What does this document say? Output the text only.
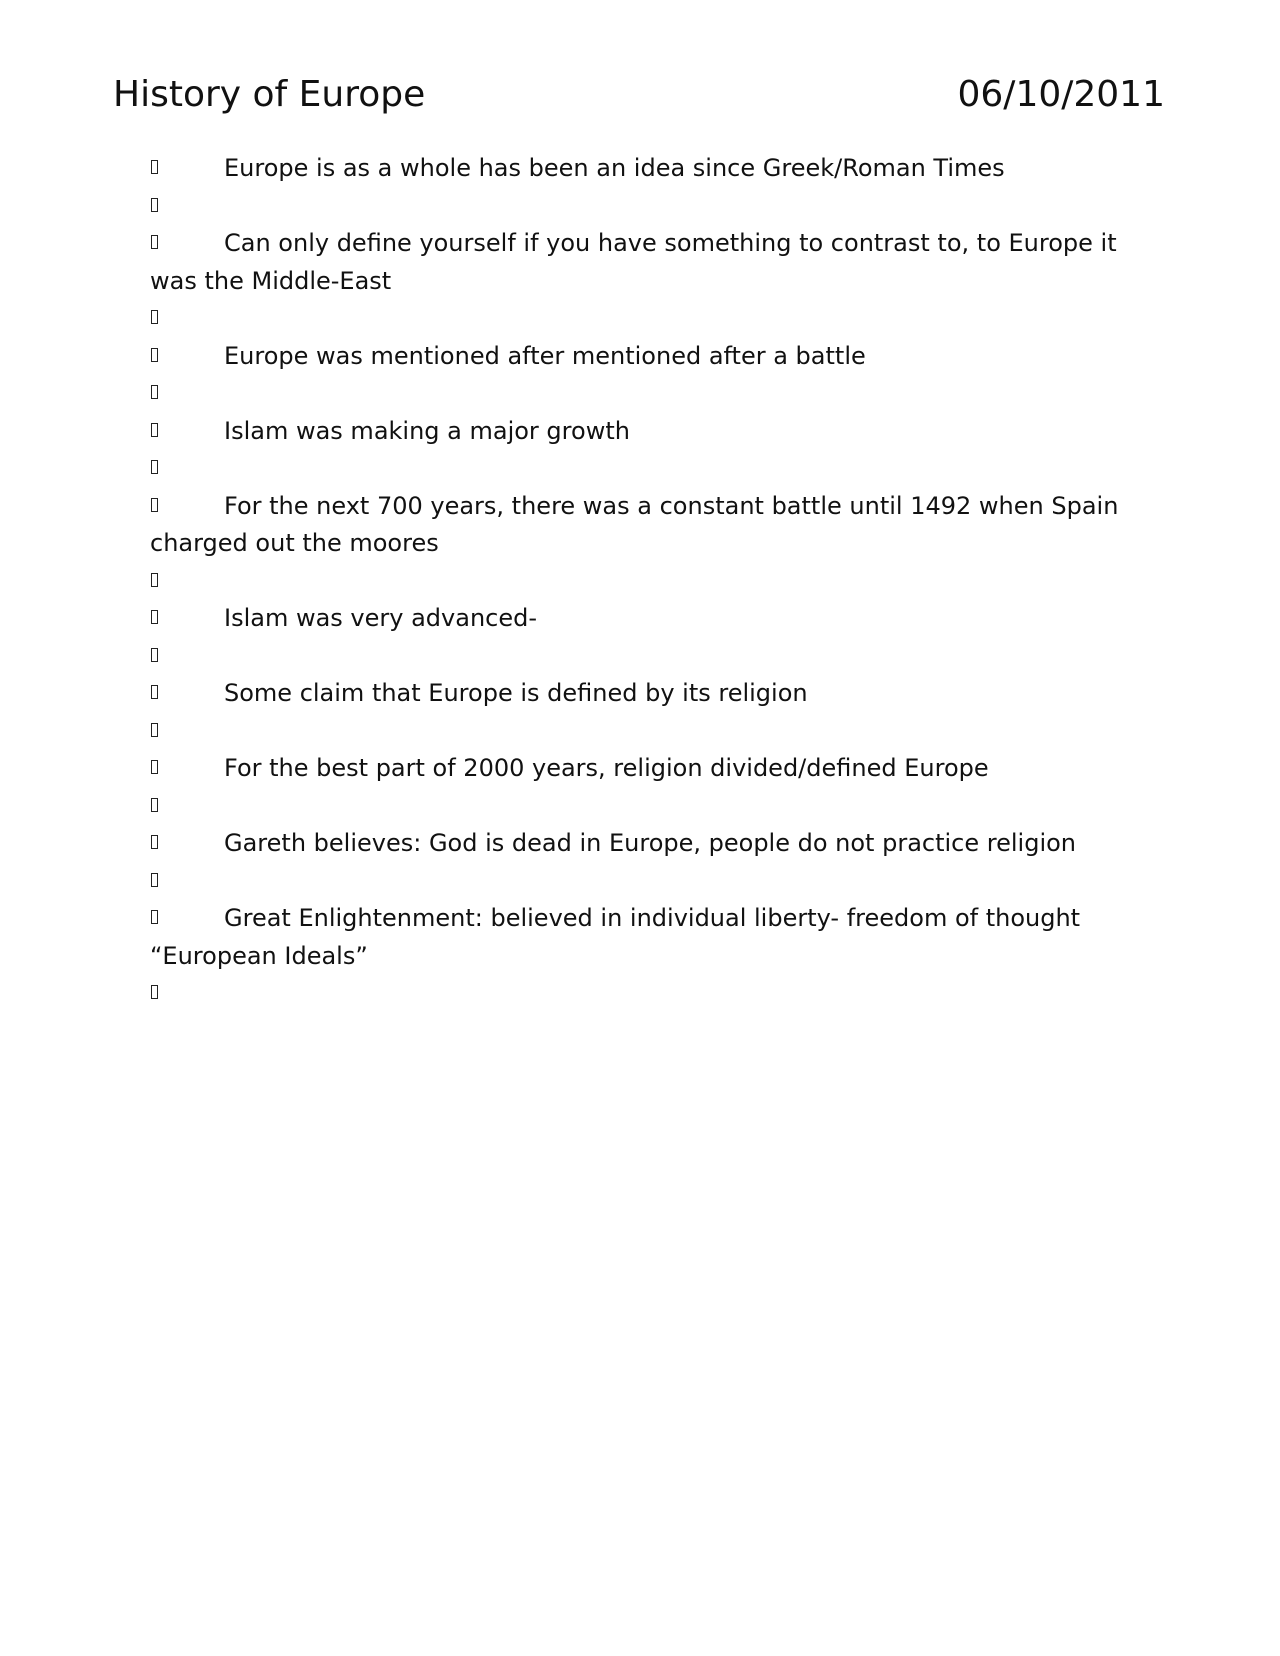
History of Europe	06/10/2011

Europe is as a whole has been an idea since Greek/Roman Times

Can only define yourself if you have something to contrast to, to Europe it was the Middle-East

Europe was mentioned after mentioned after a battle

Islam was making a major growth

For the next 700 years, there was a constant battle until 1492 when Spain charged out the moores

Islam was very advanced-

Some claim that Europe is defined by its religion

For the best part of 2000 years, religion divided/defined Europe

Gareth believes: God is dead in Europe, people do not practice religion

Great Enlightenment: believed in individual liberty- freedom of thought “European Ideals”
